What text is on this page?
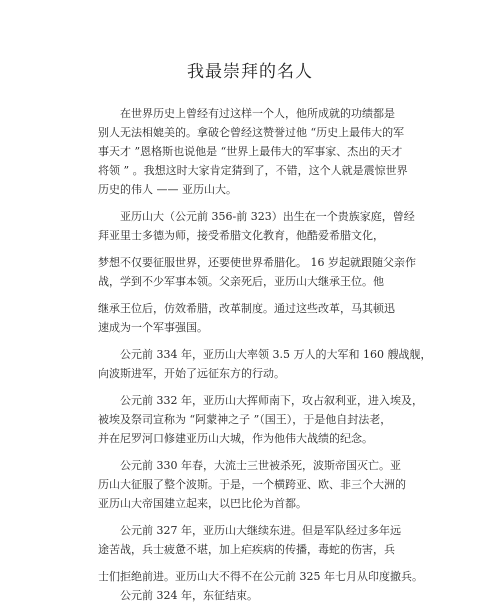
我最崇拜的名人
在世界历史上曾经有过这样一个人，他所成就的功绩都是
别人无法相媲美的。拿破仑曾经这赞誉过他 “历史上最伟大的军
事天才 ”恩格斯也说他是 “世界上最伟大的军事家、杰出的天才
将领 ” 。我想这时大家肯定猜到了，不错，这个人就是震惊世界
历史的伟人 —— 亚历山大。
亚历山大（公元前 356-前 323）出生在一个贵族家庭，曾经
拜亚里士多德为师，接受希腊文化教育，他酷爱希腊文化，
梦想不仅要征服世界，还要使世界希腊化。 16 岁起就跟随父亲作
战，学到不少军事本领。父亲死后，亚历山大继承王位。他
继承王位后，仿效希腊，改革制度。通过这些改革，马其顿迅
速成为一个军事强国。
公元前 334 年，亚历山大率领 3.5 万人的大军和 160 艘战舰，
向波斯进军，开始了远征东方的行动。
公元前 332 年，亚历山大挥师南下，攻占叙利亚，进入埃及，
被埃及祭司宣称为 “阿蒙神之子 ”（国王），于是他自封法老，
并在尼罗河口修建亚历山大城，作为他伟大战绩的纪念。
公元前 330 年春，大流士三世被杀死，波斯帝国灭亡。亚
历山大征服了整个波斯。于是，一个横跨亚、欧、非三个大洲的
亚历山大帝国建立起来，以巴比伦为首都。
公元前 327 年，亚历山大继续东进。但是军队经过多年远
途苦战，兵士疲惫不堪，加上疟疾病的传播，毒蛇的伤害，兵
士们拒绝前进。亚历山大不得不在公元前 325 年七月从印度撤兵。
公元前 324 年，东征结束。
